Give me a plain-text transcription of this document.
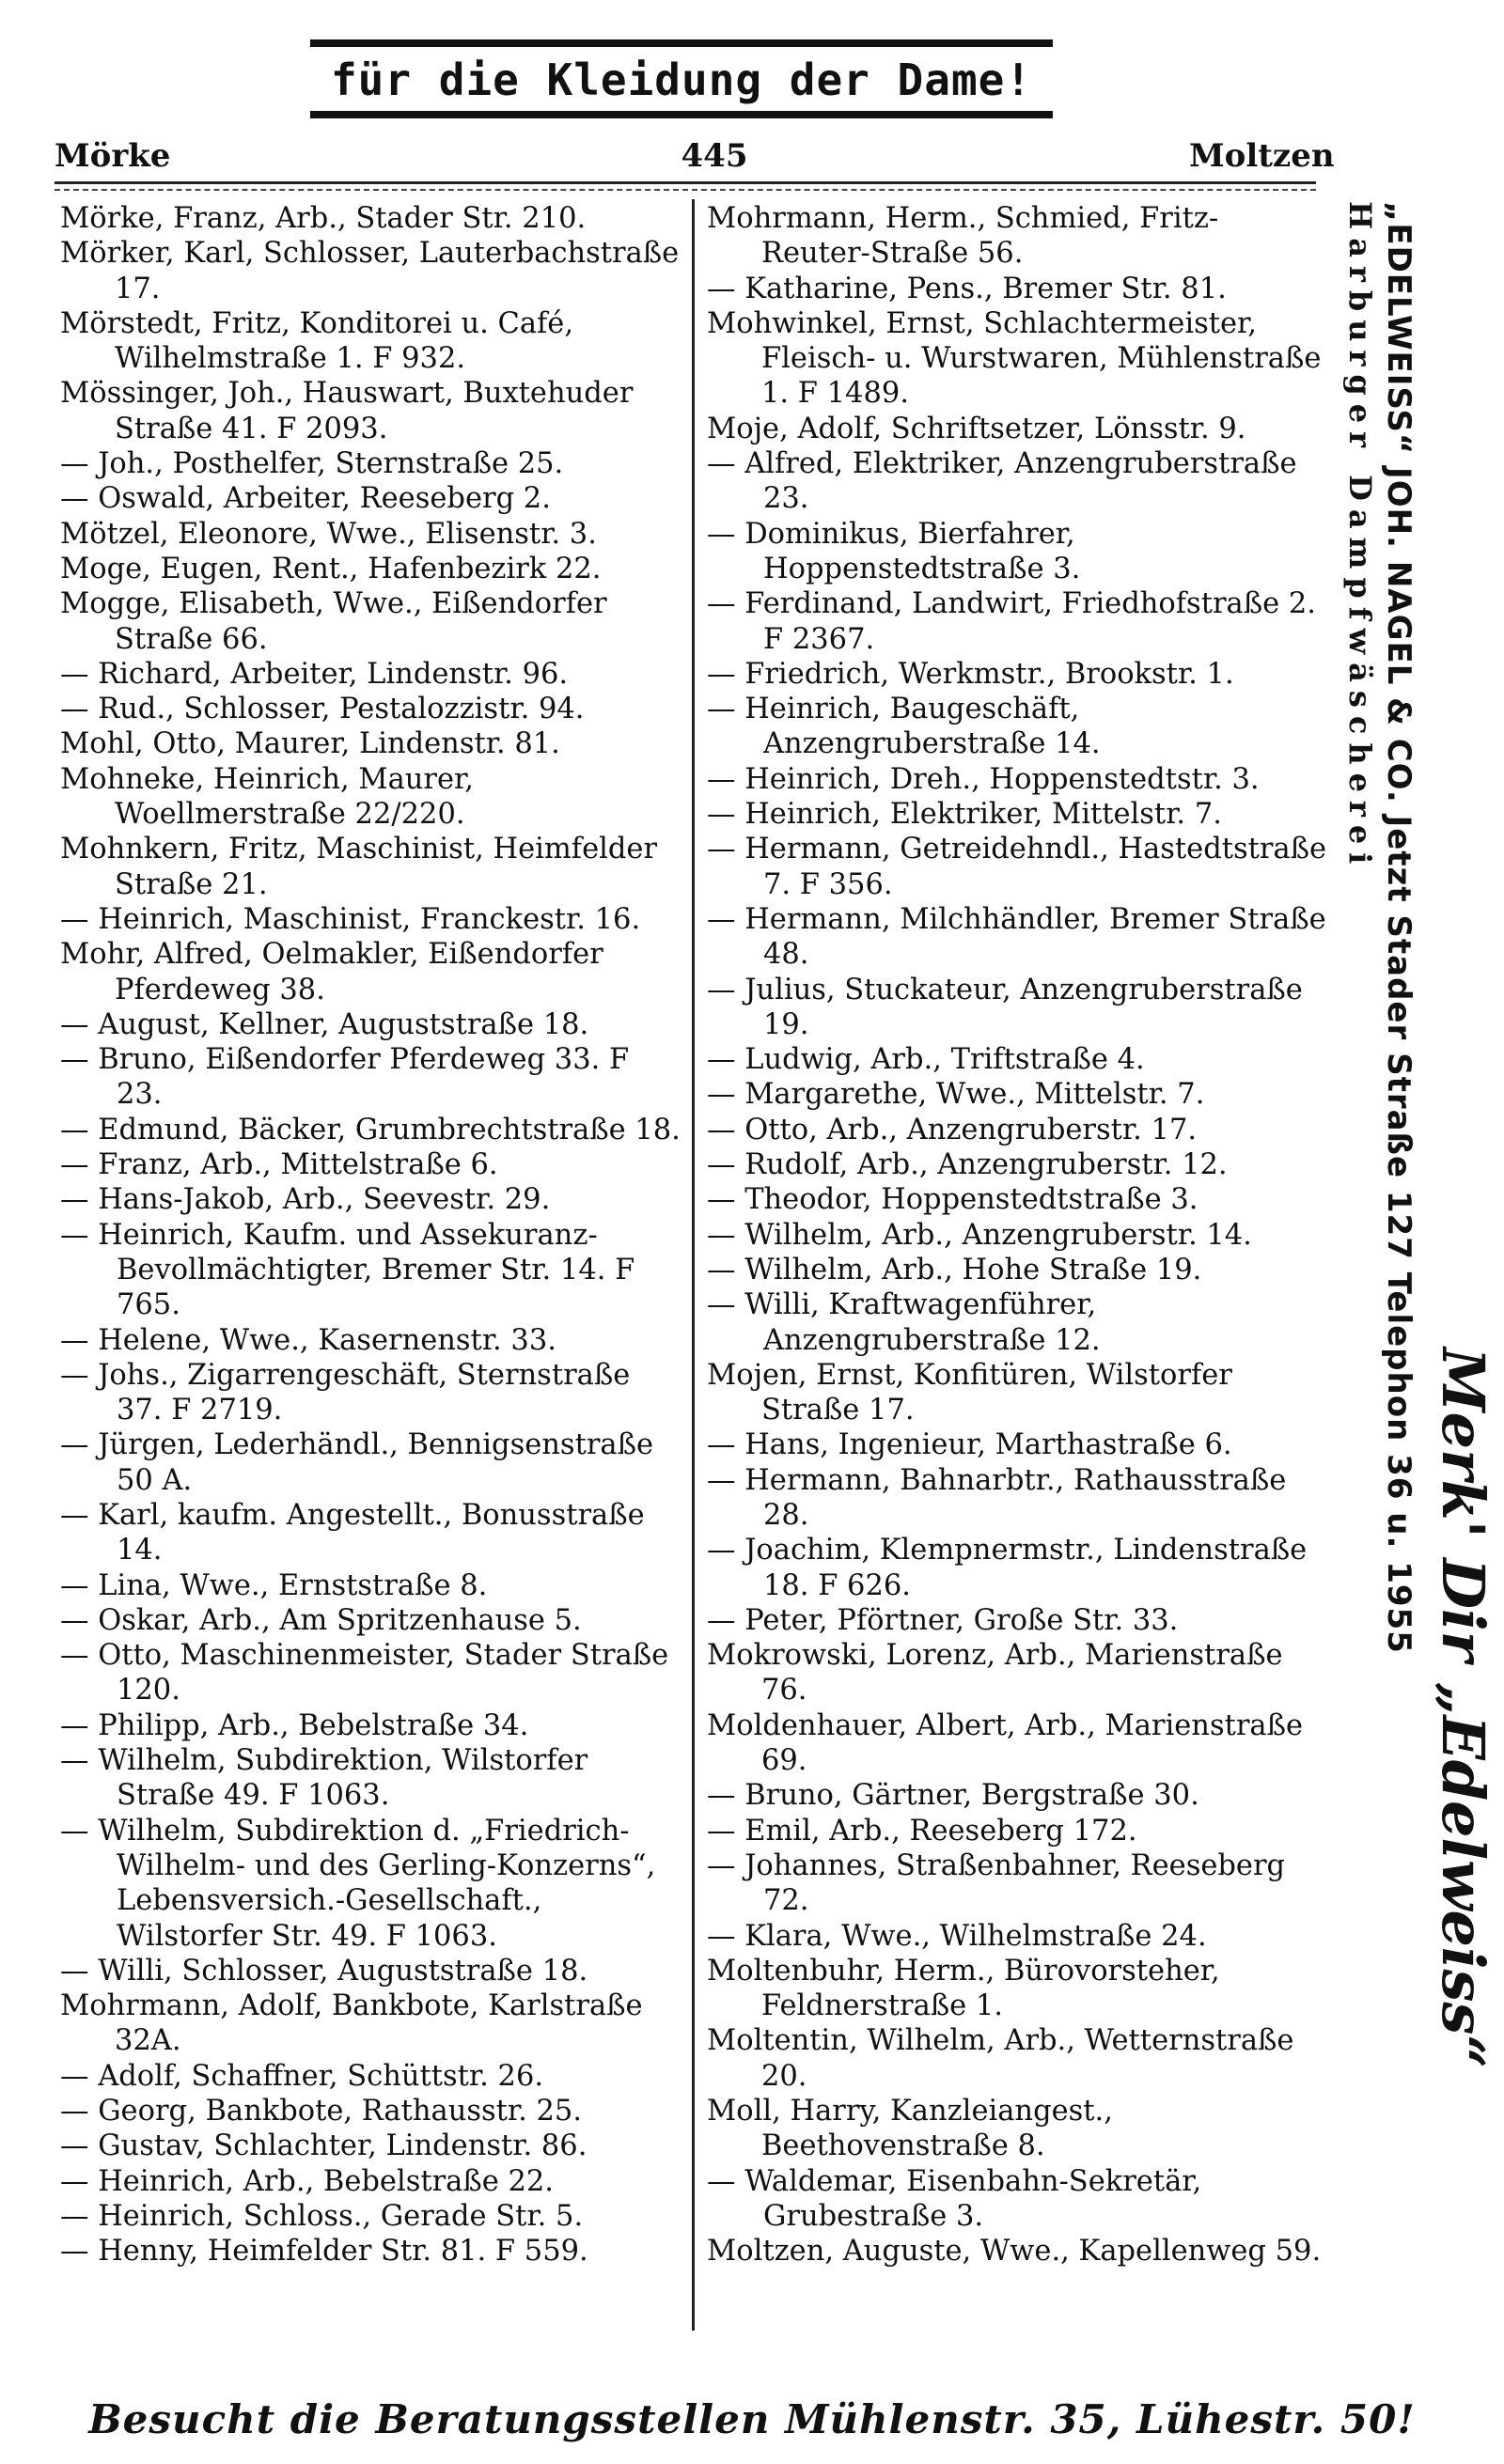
für die Kleidung der Dame!
Mörke	445	Moltzen
Mörke, Franz, Arb., Stader Str. 210.
Mörker, Karl, Schlosser, Lauterbachstraße 17.
Mörstedt, Fritz, Konditorei u. Café, Wilhelmstraße 1. F 932.
Mössinger, Joh., Hauswart, Buxtehuder Straße 41. F 2093.
— Joh., Posthelfer, Sternstraße 25.
— Oswald, Arbeiter, Reeseberg 2.
Mötzel, Eleonore, Wwe., Elisenstr. 3.
Moge, Eugen, Rent., Hafenbezirk 22.
Mogge, Elisabeth, Wwe., Eißendorfer Straße 66.
— Richard, Arbeiter, Lindenstr. 96.
— Rud., Schlosser, Pestalozzistr. 94.
Mohl, Otto, Maurer, Lindenstr. 81.
Mohneke, Heinrich, Maurer, Woellmerstraße 22/220.
Mohnkern, Fritz, Maschinist, Heimfelder Straße 21.
— Heinrich, Maschinist, Franckestr. 16.
Mohr, Alfred, Oelmakler, Eißendorfer Pferdeweg 38.
— August, Kellner, Auguststraße 18.
— Bruno, Eißendorfer Pferdeweg 33. F 23.
— Edmund, Bäcker, Grumbrechtstraße 18.
— Franz, Arb., Mittelstraße 6.
— Hans-Jakob, Arb., Seevestr. 29.
— Heinrich, Kaufm. und Assekuranz-Bevollmächtigter, Bremer Str. 14. F 765.
— Helene, Wwe., Kasernenstr. 33.
— Johs., Zigarrengeschäft, Sternstraße 37. F 2719.
— Jürgen, Lederhändl., Bennigsenstraße 50 A.
— Karl, kaufm. Angestellt., Bonusstraße 14.
— Lina, Wwe., Ernststraße 8.
— Oskar, Arb., Am Spritzenhause 5.
— Otto, Maschinenmeister, Stader Straße 120.
— Philipp, Arb., Bebelstraße 34.
— Wilhelm, Subdirektion, Wilstorfer Straße 49. F 1063.
— Wilhelm, Subdirektion d. „Friedrich-Wilhelm- und des Gerling-Konzerns“, Lebensversich.-Gesellschaft., Wilstorfer Str. 49. F 1063.
— Willi, Schlosser, Auguststraße 18.
Mohrmann, Adolf, Bankbote, Karlstraße 32A.
— Adolf, Schaffner, Schüttstr. 26.
— Georg, Bankbote, Rathausstr. 25.
— Gustav, Schlachter, Lindenstr. 86.
— Heinrich, Arb., Bebelstraße 22.
— Heinrich, Schloss., Gerade Str. 5.
— Henny, Heimfelder Str. 81. F 559.
Mohrmann, Herm., Schmied, Fritz-Reuter-Straße 56.
— Katharine, Pens., Bremer Str. 81.
Mohwinkel, Ernst, Schlachtermeister, Fleisch- u. Wurstwaren, Mühlenstraße 1. F 1489.
Moje, Adolf, Schriftsetzer, Lönsstr. 9.
— Alfred, Elektriker, Anzengruberstraße 23.
— Dominikus, Bierfahrer, Hoppenstedtstraße 3.
— Ferdinand, Landwirt, Friedhofstraße 2. F 2367.
— Friedrich, Werkmstr., Brookstr. 1.
— Heinrich, Baugeschäft, Anzengruberstraße 14.
— Heinrich, Dreh., Hoppenstedtstr. 3.
— Heinrich, Elektriker, Mittelstr. 7.
— Hermann, Getreidehndl., Hastedtstraße 7. F 356.
— Hermann, Milchhändler, Bremer Straße 48.
— Julius, Stuckateur, Anzengruberstraße 19.
— Ludwig, Arb., Triftstraße 4.
— Margarethe, Wwe., Mittelstr. 7.
— Otto, Arb., Anzengruberstr. 17.
— Rudolf, Arb., Anzengruberstr. 12.
— Theodor, Hoppenstedtstraße 3.
— Wilhelm, Arb., Anzengruberstr. 14.
— Wilhelm, Arb., Hohe Straße 19.
— Willi, Kraftwagenführer, Anzengruberstraße 12.
Mojen, Ernst, Konfitüren, Wilstorfer Straße 17.
— Hans, Ingenieur, Marthastraße 6.
— Hermann, Bahnarbtr., Rathausstraße 28.
— Joachim, Klempnermstr., Lindenstraße 18. F 626.
— Peter, Pförtner, Große Str. 33.
Mokrowski, Lorenz, Arb., Marienstraße 76.
Moldenhauer, Albert, Arb., Marienstraße 69.
— Bruno, Gärtner, Bergstraße 30.
— Emil, Arb., Reeseberg 172.
— Johannes, Straßenbahner, Reeseberg 72.
— Klara, Wwe., Wilhelmstraße 24.
Moltenbuhr, Herm., Bürovorsteher, Feldnerstraße 1.
Moltentin, Wilhelm, Arb., Wetternstraße 20.
Moll, Harry, Kanzleiangest., Beethovenstraße 8.
— Waldemar, Eisenbahn-Sekretär, Grubestraße 3.
Moltzen, Auguste, Wwe., Kapellenweg 59.
Harburger Dampfwäscherei „EDELWEISS“ JOH. NAGEL & CO. Jetzt Stader Straße 127 Telephon 36 u. 1955 Merk' Dir „Edelweiss“
Besucht die Beratungsstellen Mühlenstr. 35, Lühestr. 50!
